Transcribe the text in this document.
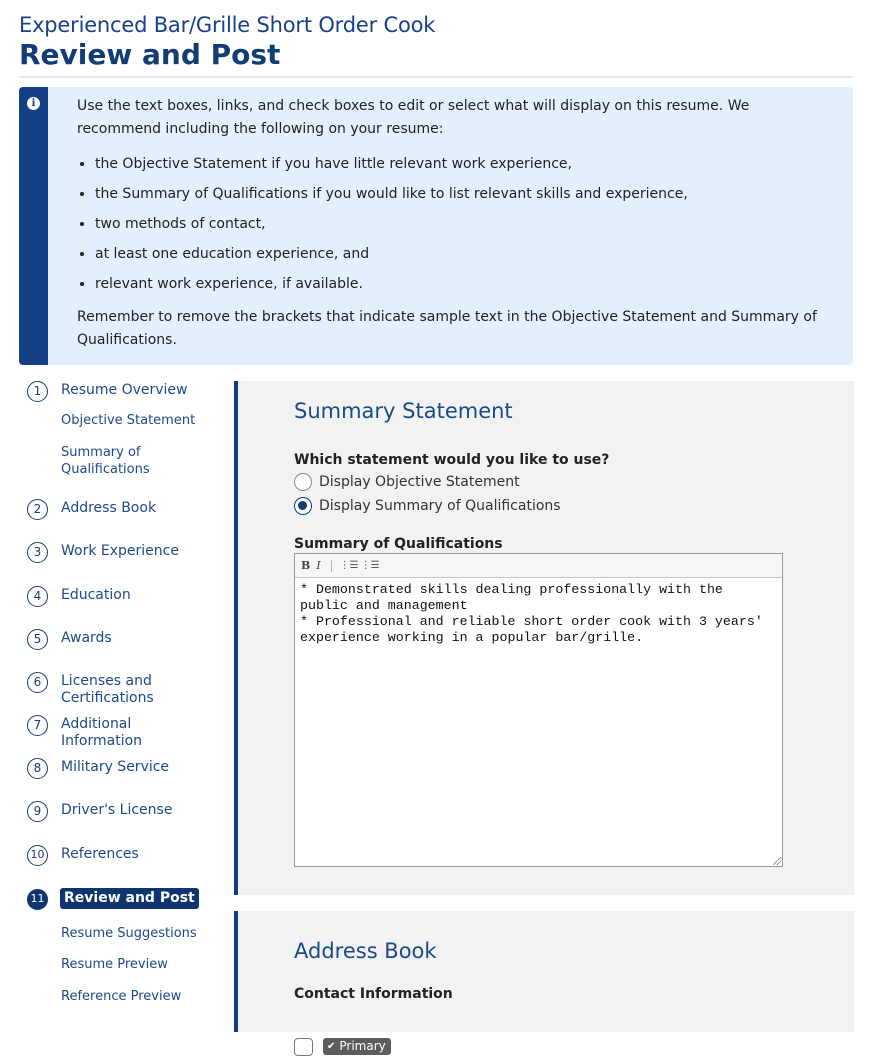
Experienced Bar/Grille Short Order Cook
Review and Post
i	Use the text boxes, links, and check boxes to edit or select what will display on this resume. We recommend including the following on your resume:
• the Objective Statement if you have little relevant work experience,
• the Summary of Qualifications if you would like to list relevant skills and experience,
• two methods of contact,
• at least one education experience, and
• relevant work experience, if available.
Remember to remove the brackets that indicate sample text in the Objective Statement and Summary of Qualifications.
1	Resume Overview
Objective Statement
Summary of Qualifications
2	Address Book
3	Work Experience
4	Education
5	Awards
6	Licenses and Certifications
7	Additional Information
8	Military Service
9	Driver's License
10 References
11 Review and Post
Resume Suggestions
Resume Preview
Reference Preview
Summary Statement
Which statement would you like to use?
Display Objective Statement
Display Summary of Qualifications
Summary of Qualifications
B I ⋮☰ ⋮☰
* Demonstrated skills dealing professionally with the public and management
* Professional and reliable short order cook with 3 years' experience working in a popular bar/grille.
Address Book
Contact Information
✔ Primary
